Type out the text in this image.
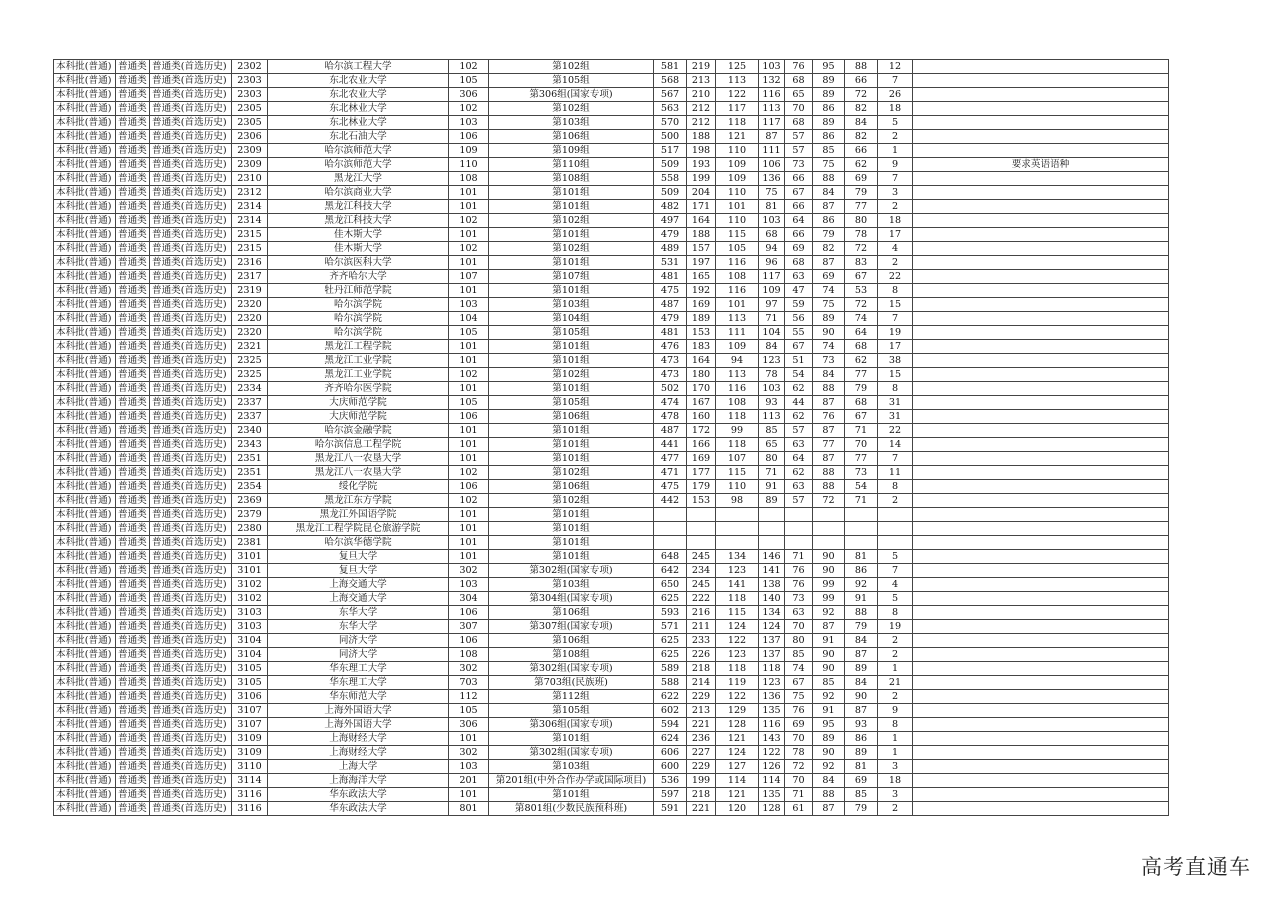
本科批(普通)	普通类	普通类(首选历史)	2302	哈尔滨工程大学	102	第102组	581	219	125	103	76	95	88	12	
本科批(普通)	普通类	普通类(首选历史)	2303	东北农业大学	105	第105组	568	213	113	132	68	89	66	7	
本科批(普通)	普通类	普通类(首选历史)	2303	东北农业大学	306	第306组(国家专项)	567	210	122	116	65	89	72	26	
本科批(普通)	普通类	普通类(首选历史)	2305	东北林业大学	102	第102组	563	212	117	113	70	86	82	18	
本科批(普通)	普通类	普通类(首选历史)	2305	东北林业大学	103	第103组	570	212	118	117	68	89	84	5	
本科批(普通)	普通类	普通类(首选历史)	2306	东北石油大学	106	第106组	500	188	121	87	57	86	82	2	
本科批(普通)	普通类	普通类(首选历史)	2309	哈尔滨师范大学	109	第109组	517	198	110	111	57	85	66	1	
本科批(普通)	普通类	普通类(首选历史)	2309	哈尔滨师范大学	110	第110组	509	193	109	106	73	75	62	9	要求英语语种
本科批(普通)	普通类	普通类(首选历史)	2310	黑龙江大学	108	第108组	558	199	109	136	66	88	69	7	
本科批(普通)	普通类	普通类(首选历史)	2312	哈尔滨商业大学	101	第101组	509	204	110	75	67	84	79	3	
本科批(普通)	普通类	普通类(首选历史)	2314	黑龙江科技大学	101	第101组	482	171	101	81	66	87	77	2	
本科批(普通)	普通类	普通类(首选历史)	2314	黑龙江科技大学	102	第102组	497	164	110	103	64	86	80	18	
本科批(普通)	普通类	普通类(首选历史)	2315	佳木斯大学	101	第101组	479	188	115	68	66	79	78	17	
本科批(普通)	普通类	普通类(首选历史)	2315	佳木斯大学	102	第102组	489	157	105	94	69	82	72	4	
本科批(普通)	普通类	普通类(首选历史)	2316	哈尔滨医科大学	101	第101组	531	197	116	96	68	87	83	2	
本科批(普通)	普通类	普通类(首选历史)	2317	齐齐哈尔大学	107	第107组	481	165	108	117	63	69	67	22	
本科批(普通)	普通类	普通类(首选历史)	2319	牡丹江师范学院	101	第101组	475	192	116	109	47	74	53	8	
本科批(普通)	普通类	普通类(首选历史)	2320	哈尔滨学院	103	第103组	487	169	101	97	59	75	72	15	
本科批(普通)	普通类	普通类(首选历史)	2320	哈尔滨学院	104	第104组	479	189	113	71	56	89	74	7	
本科批(普通)	普通类	普通类(首选历史)	2320	哈尔滨学院	105	第105组	481	153	111	104	55	90	64	19	
本科批(普通)	普通类	普通类(首选历史)	2321	黑龙江工程学院	101	第101组	476	183	109	84	67	74	68	17	
本科批(普通)	普通类	普通类(首选历史)	2325	黑龙江工业学院	101	第101组	473	164	94	123	51	73	62	38	
本科批(普通)	普通类	普通类(首选历史)	2325	黑龙江工业学院	102	第102组	473	180	113	78	54	84	77	15	
本科批(普通)	普通类	普通类(首选历史)	2334	齐齐哈尔医学院	101	第101组	502	170	116	103	62	88	79	8	
本科批(普通)	普通类	普通类(首选历史)	2337	大庆师范学院	105	第105组	474	167	108	93	44	87	68	31	
本科批(普通)	普通类	普通类(首选历史)	2337	大庆师范学院	106	第106组	478	160	118	113	62	76	67	31	
本科批(普通)	普通类	普通类(首选历史)	2340	哈尔滨金融学院	101	第101组	487	172	99	85	57	87	71	22	
本科批(普通)	普通类	普通类(首选历史)	2343	哈尔滨信息工程学院	101	第101组	441	166	118	65	63	77	70	14	
本科批(普通)	普通类	普通类(首选历史)	2351	黑龙江八一农垦大学	101	第101组	477	169	107	80	64	87	77	7	
本科批(普通)	普通类	普通类(首选历史)	2351	黑龙江八一农垦大学	102	第102组	471	177	115	71	62	88	73	11	
本科批(普通)	普通类	普通类(首选历史)	2354	绥化学院	106	第106组	475	179	110	91	63	88	54	8	
本科批(普通)	普通类	普通类(首选历史)	2369	黑龙江东方学院	102	第102组	442	153	98	89	57	72	71	2	
本科批(普通)	普通类	普通类(首选历史)	2379	黑龙江外国语学院	101	第101组									
本科批(普通)	普通类	普通类(首选历史)	2380	黑龙江工程学院昆仑旅游学院	101	第101组									
本科批(普通)	普通类	普通类(首选历史)	2381	哈尔滨华德学院	101	第101组									
本科批(普通)	普通类	普通类(首选历史)	3101	复旦大学	101	第101组	648	245	134	146	71	90	81	5	
本科批(普通)	普通类	普通类(首选历史)	3101	复旦大学	302	第302组(国家专项)	642	234	123	141	76	90	86	7	
本科批(普通)	普通类	普通类(首选历史)	3102	上海交通大学	103	第103组	650	245	141	138	76	99	92	4	
本科批(普通)	普通类	普通类(首选历史)	3102	上海交通大学	304	第304组(国家专项)	625	222	118	140	73	99	91	5	
本科批(普通)	普通类	普通类(首选历史)	3103	东华大学	106	第106组	593	216	115	134	63	92	88	8	
本科批(普通)	普通类	普通类(首选历史)	3103	东华大学	307	第307组(国家专项)	571	211	124	124	70	87	79	19	
本科批(普通)	普通类	普通类(首选历史)	3104	同济大学	106	第106组	625	233	122	137	80	91	84	2	
本科批(普通)	普通类	普通类(首选历史)	3104	同济大学	108	第108组	625	226	123	137	85	90	87	2	
本科批(普通)	普通类	普通类(首选历史)	3105	华东理工大学	302	第302组(国家专项)	589	218	118	118	74	90	89	1	
本科批(普通)	普通类	普通类(首选历史)	3105	华东理工大学	703	第703组(民族班)	588	214	119	123	67	85	84	21	
本科批(普通)	普通类	普通类(首选历史)	3106	华东师范大学	112	第112组	622	229	122	136	75	92	90	2	
本科批(普通)	普通类	普通类(首选历史)	3107	上海外国语大学	105	第105组	602	213	129	135	76	91	87	9	
本科批(普通)	普通类	普通类(首选历史)	3107	上海外国语大学	306	第306组(国家专项)	594	221	128	116	69	95	93	8	
本科批(普通)	普通类	普通类(首选历史)	3109	上海财经大学	101	第101组	624	236	121	143	70	89	86	1	
本科批(普通)	普通类	普通类(首选历史)	3109	上海财经大学	302	第302组(国家专项)	606	227	124	122	78	90	89	1	
本科批(普通)	普通类	普通类(首选历史)	3110	上海大学	103	第103组	600	229	127	126	72	92	81	3	
本科批(普通)	普通类	普通类(首选历史)	3114	上海海洋大学	201	第201组(中外合作办学或国际项目)	536	199	114	114	70	84	69	18	
本科批(普通)	普通类	普通类(首选历史)	3116	华东政法大学	101	第101组	597	218	121	135	71	88	85	3	
本科批(普通)	普通类	普通类(首选历史)	3116	华东政法大学	801	第801组(少数民族预科班)	591	221	120	128	61	87	79	2	
高考直通车
